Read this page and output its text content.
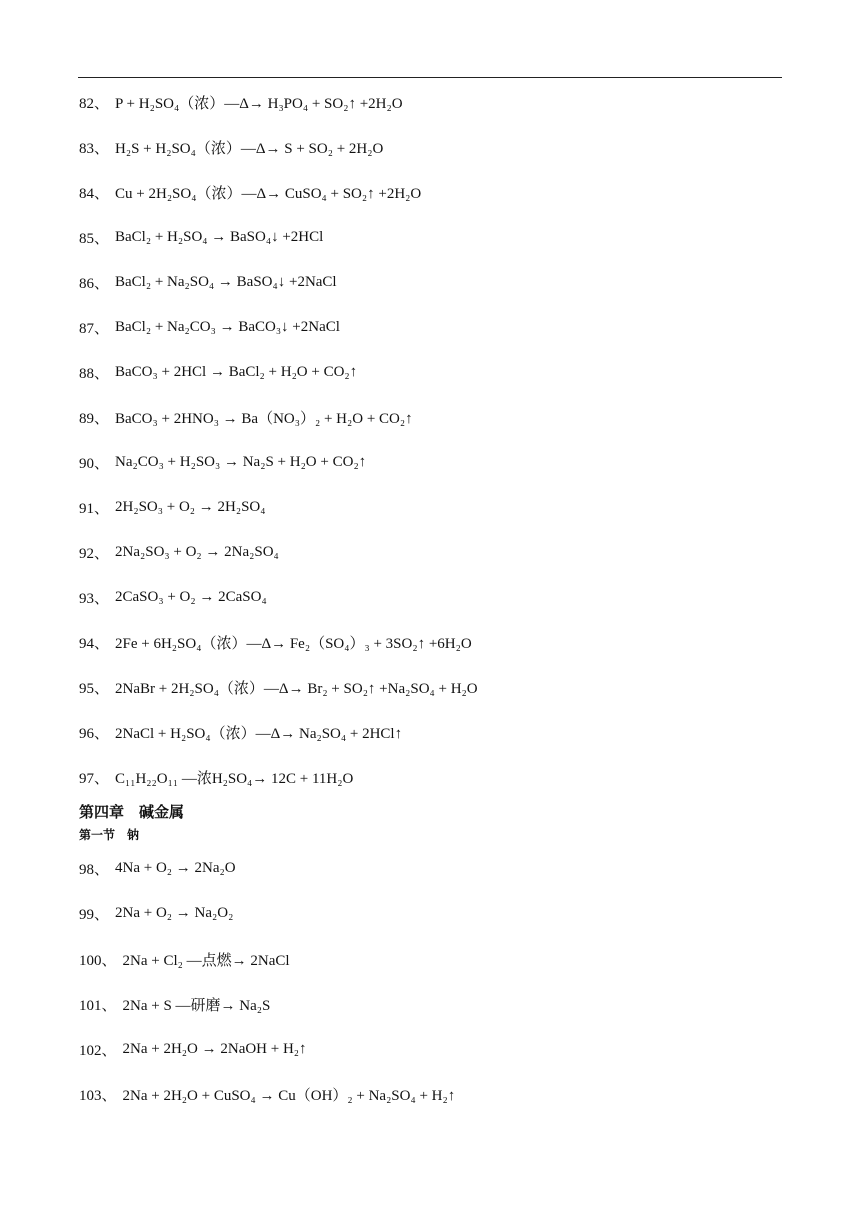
82、 P + H₂SO₄（浓）—Δ→ H₃PO₄ + SO₂↑ +2H₂O
83、 H₂S + H₂SO₄（浓）—Δ→ S + SO₂ + 2H₂O
84、 Cu + 2H₂SO₄（浓）—Δ→ CuSO₄ + SO₂↑ +2H₂O
85、 BaCl₂ + H₂SO₄ → BaSO₄↓ +2HCl
86、 BaCl₂ + Na₂SO₄ → BaSO₄↓ +2NaCl
87、 BaCl₂ + Na₂CO₃ → BaCO₃↓ +2NaCl
88、 BaCO₃ + 2HCl → BaCl₂ + H₂O + CO₂↑
89、 BaCO₃ + 2HNO₃ → Ba（NO₃）₂ + H₂O + CO₂↑
90、 Na₂CO₃ + H₂SO₃ → Na₂S + H₂O + CO₂↑
91、 2H₂SO₃ + O₂ → 2H₂SO₄
92、 2Na₂SO₃ + O₂ → 2Na₂SO₄
93、 2CaSO₃ + O₂ → 2CaSO₄
94、 2Fe + 6H₂SO₄（浓）—Δ→ Fe₂（SO₄）₃ + 3SO₂↑ +6H₂O
95、 2NaBr + 2H₂SO₄（浓）—Δ→ Br₂ + SO₂↑ +Na₂SO₄ + H₂O
96、 2NaCl + H₂SO₄（浓）—Δ→ Na₂SO₄ + 2HCl↑
97、 C₁₁H₂₂O₁₁ —浓H₂SO₄→ 12C + 11H₂O
第四章　碱金属
第一节　钠
98、 4Na + O₂ → 2Na₂O
99、 2Na + O₂ → Na₂O₂
100、 2Na + Cl₂ —点燃→ 2NaCl
101、 2Na + S —研磨→ Na₂S
102、 2Na + 2H₂O → 2NaOH + H₂↑
103、 2Na + 2H₂O + CuSO₄ → Cu（OH）₂ + Na₂SO₄ + H₂↑
